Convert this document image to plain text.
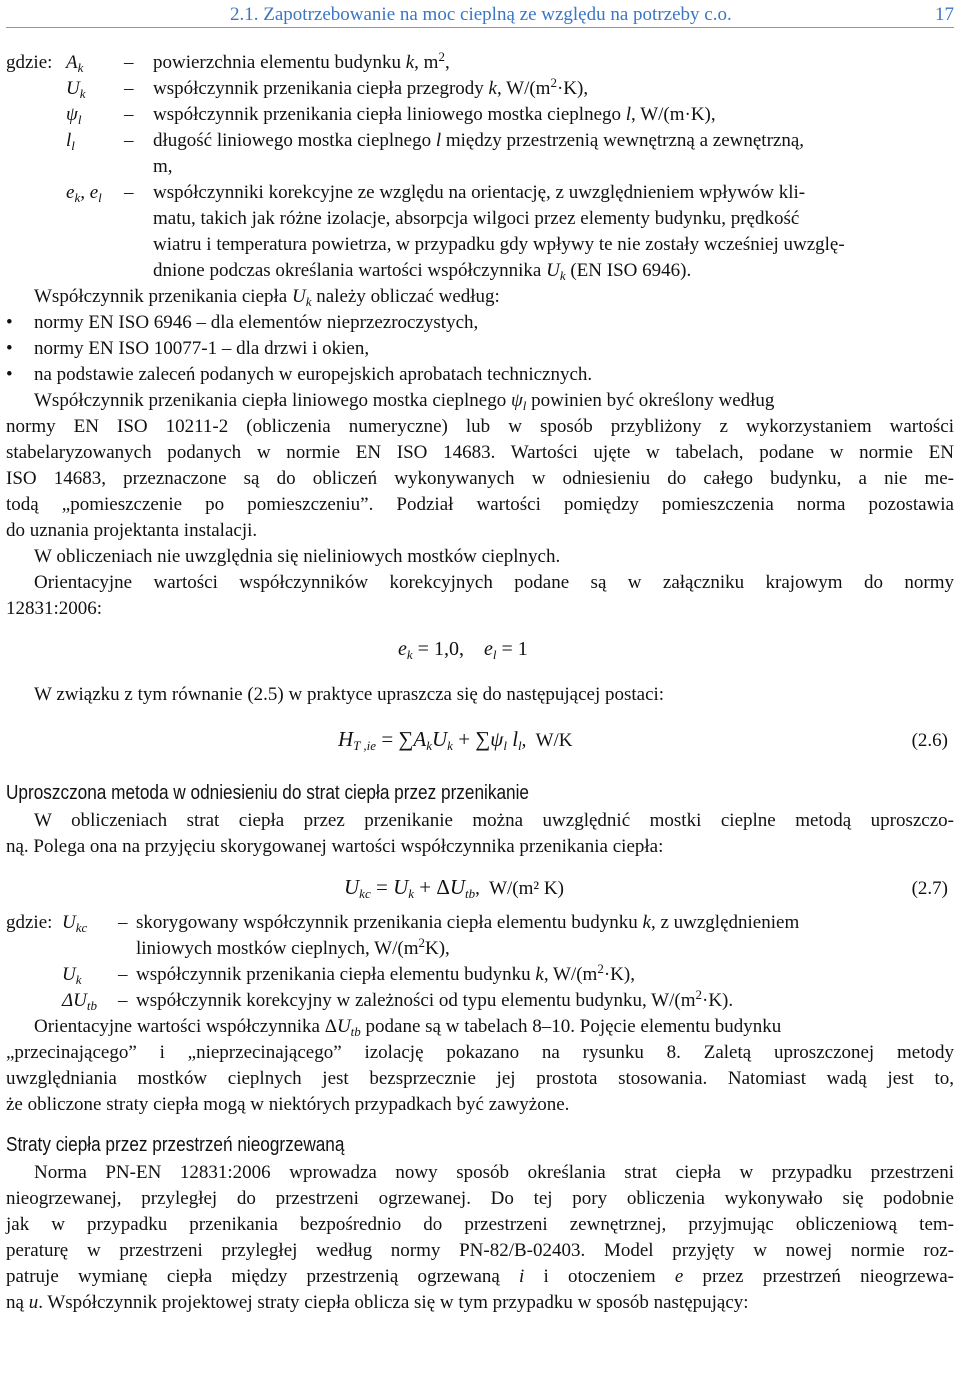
2.1. Zapotrzebowanie na moc cieplną ze względu na potrzeby c.o.	17
gdzie: $A_k$ – powierzchnia elementu budynku k, $m^2$,
$U_k$ – współczynnik przenikania ciepła przegrody k, $W/(m^2\cdot K)$,
$\psi_l$ – współczynnik przenikania ciepła liniowego mostka cieplnego l, W/(m·K),
$l_l$	– długość liniowego mostka cieplnego l między przestrzenią wewnętrzną a zewnętrzną,
m,
$e_k$, $e_l$ – współczynniki korekcyjne ze względu na orientację, z uwzględnieniem wpływów kli-
matu, takich jak różne izolacje, absorpcja wilgoci przez elementy budynku, prędkość
wiatru i temperatura powietrza, w przypadku gdy wpływy te nie zostały wcześniej uwzglę-
dnione podczas określania wartości współczynnika $U_k$ (EN ISO 6946).

Współczynnik przenikania ciepła $U_k$ należy obliczać według:

• normy EN ISO 6946 – dla elementów nieprzezroczystych,
• normy EN ISO 10077-1 – dla drzwi i okien,
• na podstawie zaleceń podanych w europejskich aprobatach technicznych.
Współczynnik przenikania ciepła liniowego mostka cieplnego $\psi_l$ powinien być określony według
normy EN ISO 10211-2 (obliczenia numeryczne) lub w sposób przybliżony z wykorzystaniem wartości
stabelaryzowanych podanych w normie EN ISO 14683. Wartości ujęte w tabelach, podane w normie EN
ISO 14683, przeznaczone są do obliczeń wykonywanych w odniesieniu do całego budynku, a nie me-
todą „pomieszczenie po pomieszczeniu”. Podział wartości pomiędzy pomieszczenia norma pozostawia
do uznania projektanta instalacji.
W obliczeniach nie uwzględnia się nieliniowych mostków cieplnych.
Orientacyjne wartości współczynników korekcyjnych podane są w załączniku krajowym do normy
12831:2006:
$e_k = 1,0$,    $e_l = 1$
W związku z tym równanie (2.5) w praktyce upraszcza się do następującej postaci:
$H_{T ,ie} = \sum A_kU_k + \sum\psi_l$ $l_l$,  W/K	(2.6)
Uproszczona metoda w odniesieniu do strat ciepła przez przenikanie
W obliczeniach strat ciepła przez przenikanie można uwzględnić mostki cieplne metodą uproszczo-
ną. Polega ona na przyjęciu skorygowanej wartości współczynnika przenikania ciepła:
$U_{kc} = U_k + \Delta U_{tb}$,  W/(m² K)	(2.7)
gdzie: $U_{kc}$ – skorygowany współczynnik przenikania ciepła elementu budynku k, z uwzględnieniem
liniowych mostków cieplnych, $W/(m^2K)$,
$U_k$ – współczynnik przenikania ciepła elementu budynku k, $W/(m^2\cdot K)$,
$\Delta U_{tb}$ – współczynnik korekcyjny w zależności od typu elementu budynku, $W/(m^2\cdot K)$.
Orientacyjne wartości współczynnika $\Delta U_{tb}$ podane są w tabelach 8–10. Pojęcie elementu budynku
„przecinającego” i „nieprzecinającego” izolację pokazano na rysunku 8. Zaletą uproszczonej metody
uwzględniania mostków cieplnych jest bezsprzecznie jej prostota stosowania. Natomiast wadą jest to,
że obliczone straty ciepła mogą w niektórych przypadkach być zawyżone.
Straty ciepła przez przestrzeń nieogrzewaną
Norma PN-EN 12831:2006 wprowadza nowy sposób określania strat ciepła w przypadku przestrzeni
nieogrzewanej, przyległej do przestrzeni ogrzewanej. Do tej pory obliczenia wykonywało się podobnie
jak w przypadku przenikania bezpośrednio do przestrzeni zewnętrznej, przyjmując obliczeniową tem-
peraturę w przestrzeni przyległej według normy PN-82/B-02403. Model przyjęty w nowej normie roz-
patruje wymianę ciepła między przestrzenią ogrzewaną i i otoczeniem e przez przestrzeń nieogrzewa-
ną u. Współczynnik projektowej straty ciepła oblicza się w tym przypadku w sposób następujący:
